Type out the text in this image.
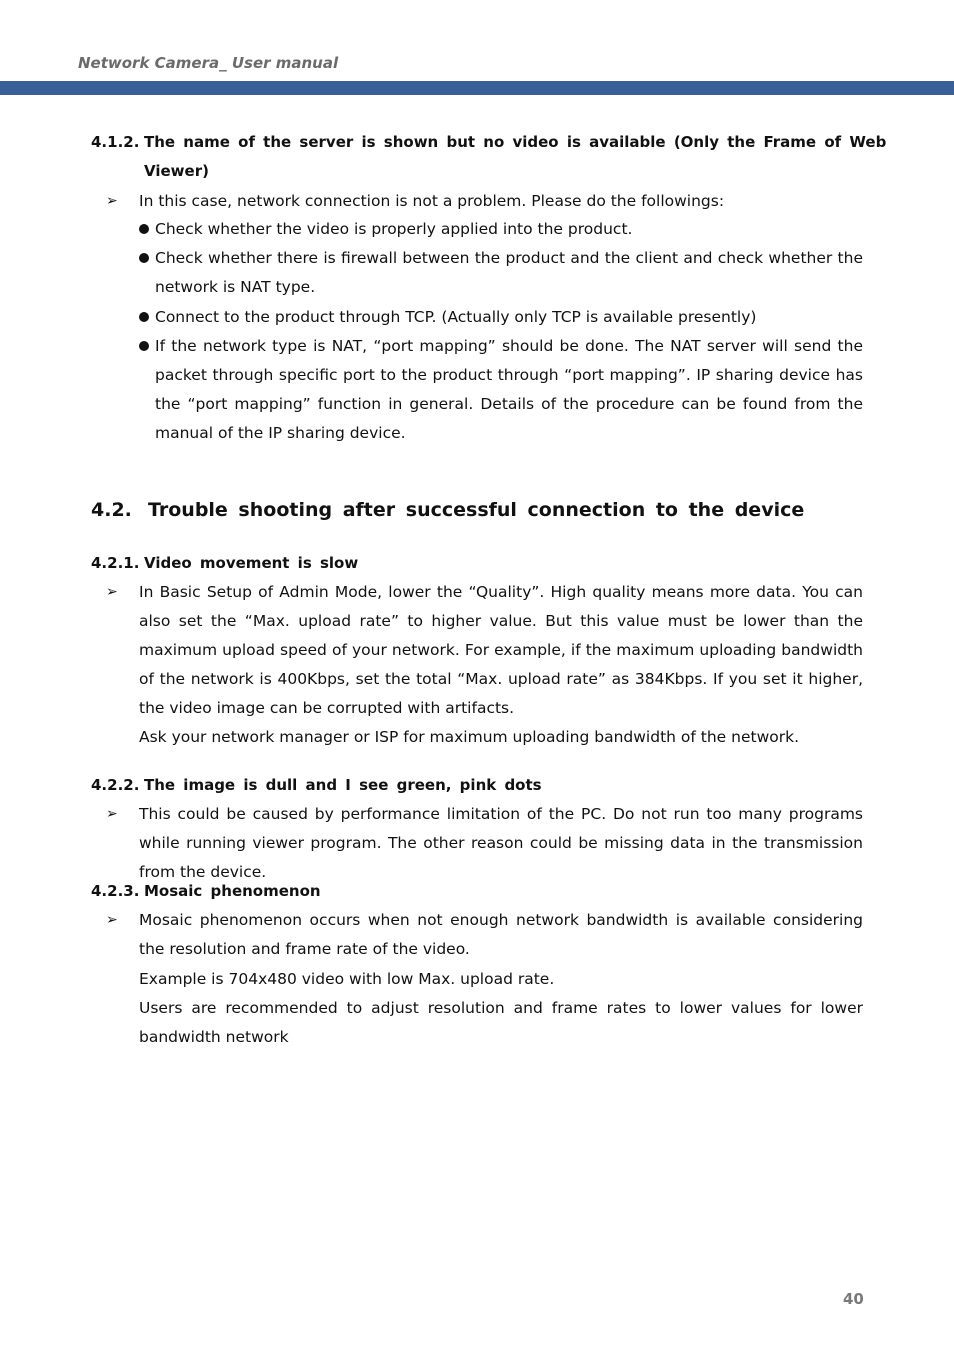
Network Camera_ User manual
4.1.2. The name of the server is shown but no video is available (Only the Frame of Web
Viewer)
➢ In this case, network connection is not a problem. Please do the followings:

Check whether the video is properly applied into the product.

Check whether there is firewall between the product and the client and check whether the network is NAT type.

Connect to the product through TCP. (Actually only TCP is available presently)

If the network type is NAT, “port mapping” should be done. The NAT server will send the packet through specific port to the product through “port mapping”. IP sharing device has the “port mapping” function in general. Details of the procedure can be found from the manual of the IP sharing device.

4.2. Trouble shooting after successful connection to the device
4.2.1. Video movement is slow
➢ In Basic Setup of Admin Mode, lower the “Quality”. High quality means more data. You can also set the “Max. upload rate” to higher value. But this value must be lower than the maximum upload speed of your network. For example, if the maximum uploading bandwidth of the network is 400Kbps, set the total “Max. upload rate” as 384Kbps. If you set it higher, the video image can be corrupted with artifacts.

Ask your network manager or ISP for maximum uploading bandwidth of the network.

4.2.2. The image is dull and I see green, pink dots
➢ This could be caused by performance limitation of the PC. Do not run too many programs while running viewer program. The other reason could be missing data in the transmission from the device.

4.2.3. Mosaic phenomenon
➢ Mosaic phenomenon occurs when not enough network bandwidth is available considering the resolution and frame rate of the video.

Example is 704x480 video with low Max. upload rate.

Users are recommended to adjust resolution and frame rates to lower values for lower bandwidth network

40
